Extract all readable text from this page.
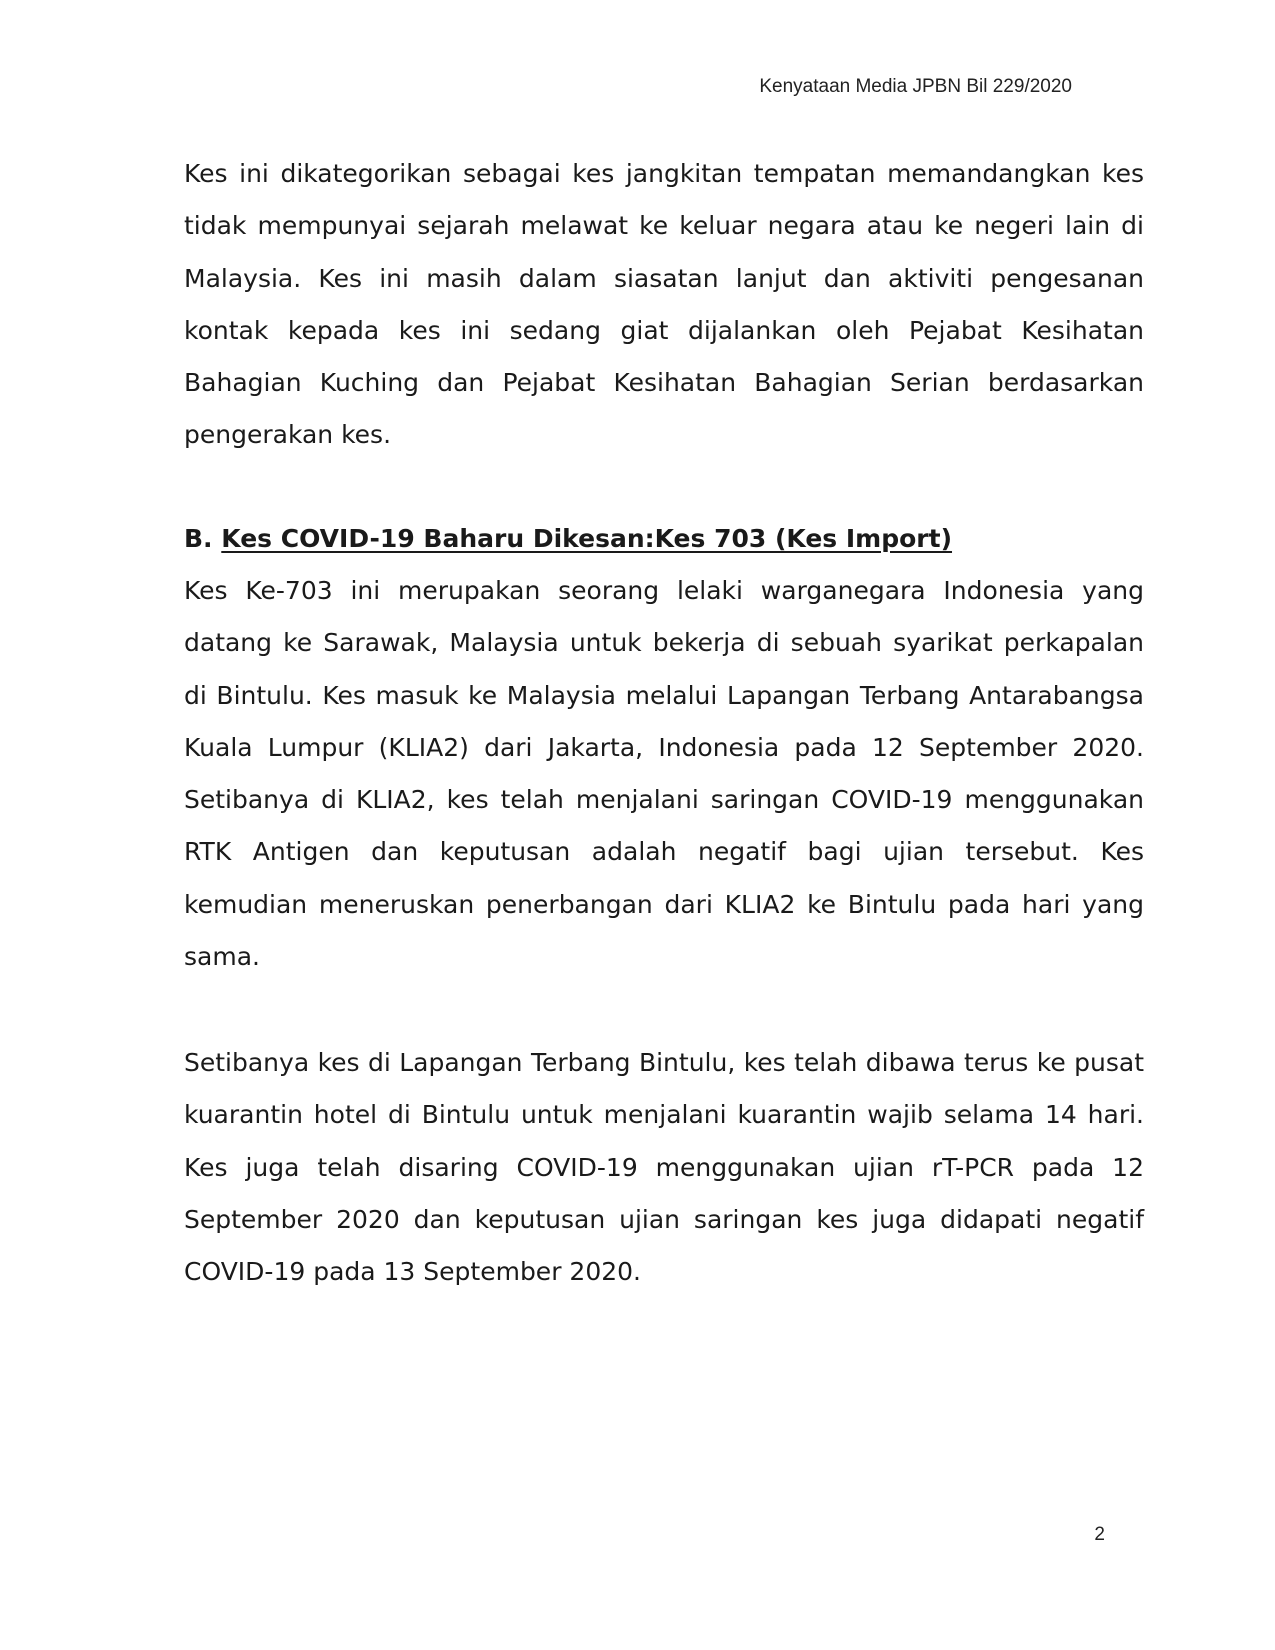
Kenyataan Media JPBN Bil 229/2020

Kes ini dikategorikan sebagai kes jangkitan tempatan memandangkan kes tidak mempunyai sejarah melawat ke keluar negara atau ke negeri lain di Malaysia. Kes ini masih dalam siasatan lanjut dan aktiviti pengesanan kontak kepada kes ini sedang giat dijalankan oleh Pejabat Kesihatan Bahagian Kuching dan Pejabat Kesihatan Bahagian Serian berdasarkan pengerakan kes.

B. Kes COVID-19 Baharu Dikesan:Kes 703 (Kes Import)

Kes Ke-703 ini merupakan seorang lelaki warganegara Indonesia yang datang ke Sarawak, Malaysia untuk bekerja di sebuah syarikat perkapalan di Bintulu. Kes masuk ke Malaysia melalui Lapangan Terbang Antarabangsa Kuala Lumpur (KLIA2) dari Jakarta, Indonesia pada 12 September 2020. Setibanya di KLIA2, kes telah menjalani saringan COVID-19 menggunakan RTK Antigen dan keputusan adalah negatif bagi ujian tersebut. Kes kemudian meneruskan penerbangan dari KLIA2 ke Bintulu pada hari yang sama.

Setibanya kes di Lapangan Terbang Bintulu, kes telah dibawa terus ke pusat kuarantin hotel di Bintulu untuk menjalani kuarantin wajib selama 14 hari. Kes juga telah disaring COVID-19 menggunakan ujian rT-PCR pada 12 September 2020 dan keputusan ujian saringan kes juga didapati negatif COVID-19 pada 13 September 2020.

2
